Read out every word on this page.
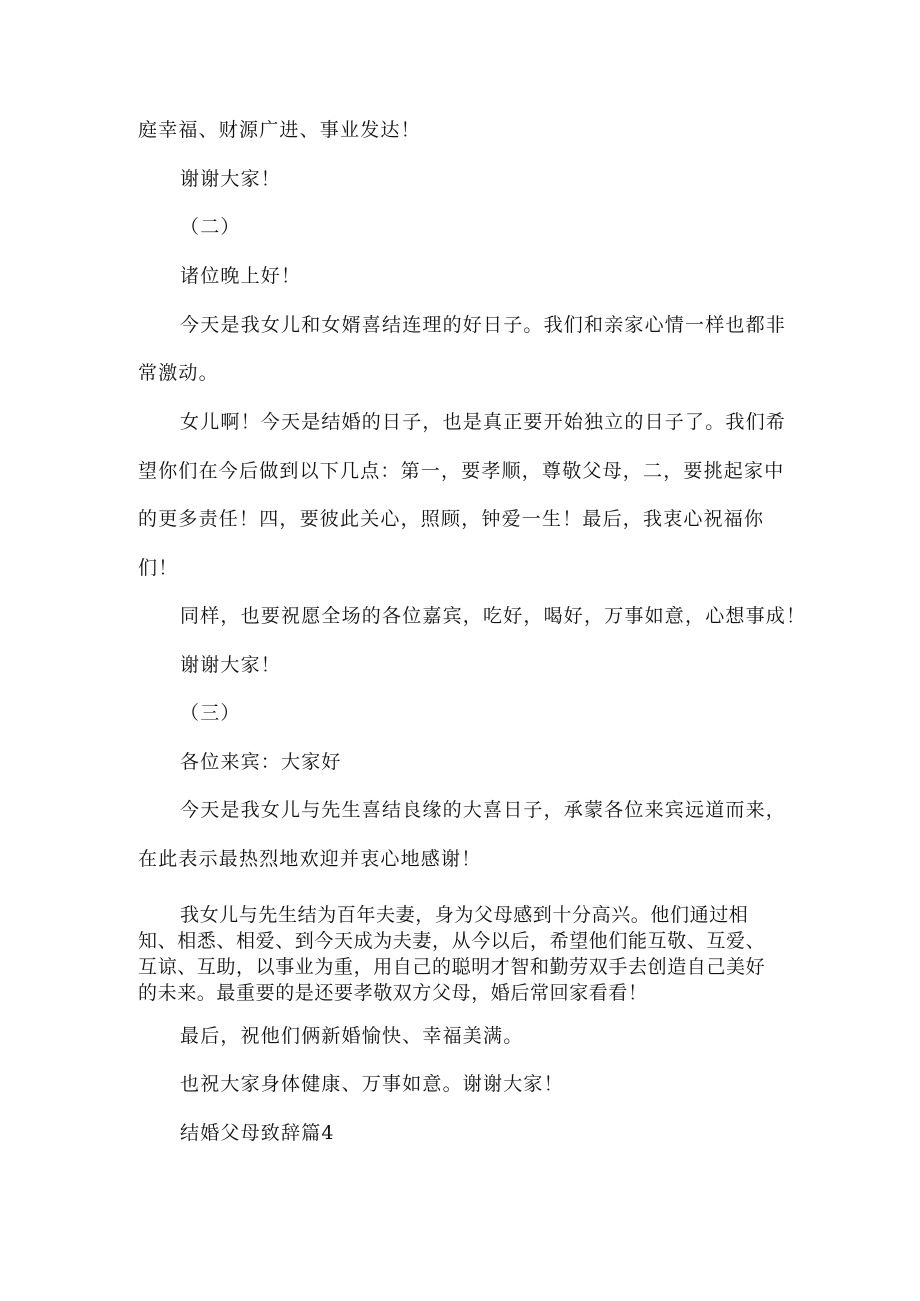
庭幸福、财源广进、事业发达！
谢谢大家！
（二）
诸位晚上好！
今天是我女儿和女婿喜结连理的好日子。我们和亲家心情一样也都非
常激动。
女儿啊！今天是结婚的日子，也是真正要开始独立的日子了。我们希
望你们在今后做到以下几点：第一，要孝顺，尊敬父母，二，要挑起家中
的更多责任！四，要彼此关心，照顾，钟爱一生！最后，我衷心祝福你
们！
同样，也要祝愿全场的各位嘉宾，吃好，喝好，万事如意，心想事成！
谢谢大家！
（三）
各位来宾：大家好
今天是我女儿与先生喜结良缘的大喜日子，承蒙各位来宾远道而来，
在此表示最热烈地欢迎并衷心地感谢！
我女儿与先生结为百年夫妻，身为父母感到十分高兴。他们通过相
知、相悉、相爱、到今天成为夫妻，从今以后，希望他们能互敬、互爱、
互谅、互助，以事业为重，用自己的聪明才智和勤劳双手去创造自己美好
的未来。最重要的是还要孝敬双方父母，婚后常回家看看！
最后，祝他们俩新婚愉快、幸福美满。
也祝大家身体健康、万事如意。谢谢大家！
结婚父母致辞篇4
